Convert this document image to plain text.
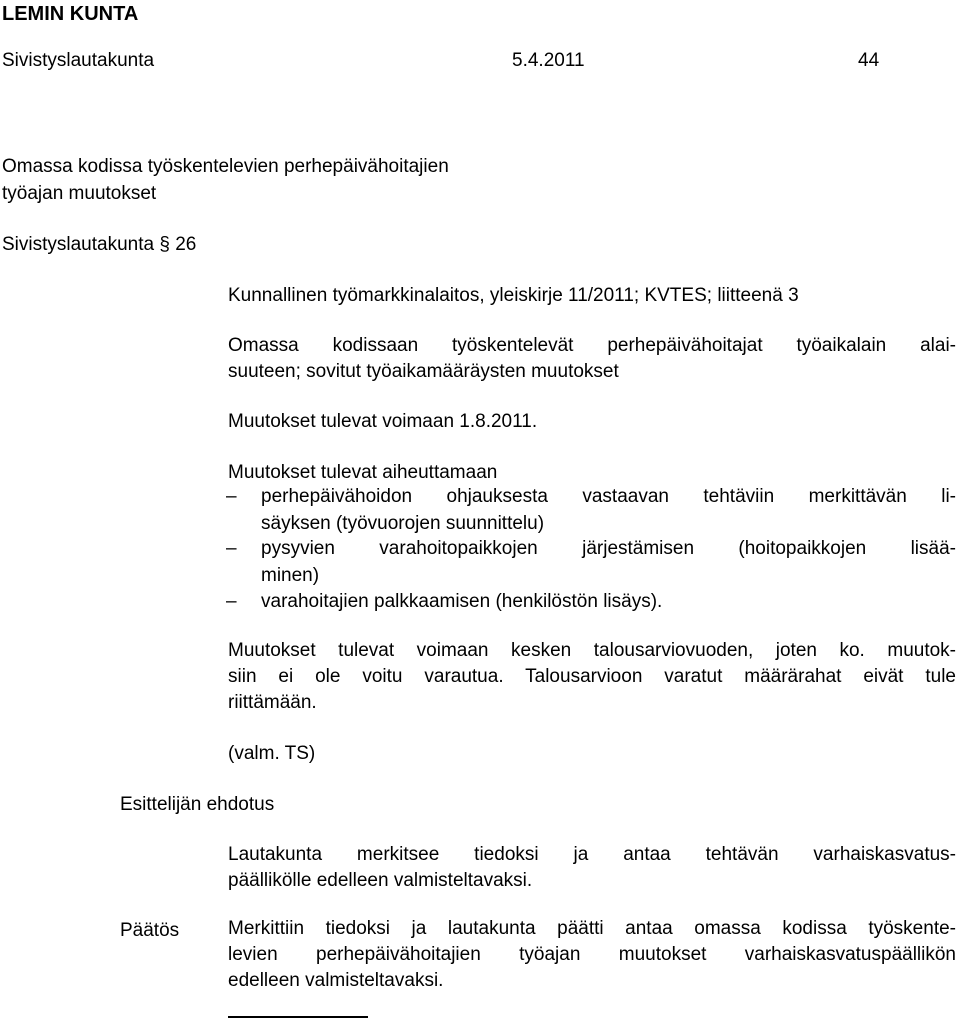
LEMIN KUNTA
Sivistyslautakunta	5.4.2011	44
Omassa kodissa työskentelevien perhepäivähoitajien
työajan muutokset
Sivistyslautakunta § 26
Kunnallinen työmarkkinalaitos, yleiskirje 11/2011; KVTES; liitteenä 3
Omassa kodissaan työskentelevät perhepäivähoitajat työaikalain alai-
suuteen; sovitut työaikamääräysten muutokset
Muutokset tulevat voimaan 1.8.2011.
Muutokset tulevat aiheuttamaan
– perhepäivähoidon ohjauksesta vastaavan tehtäviin merkittävän li-
säyksen (työvuorojen suunnittelu)
– pysyvien varahoitopaikkojen järjestämisen (hoitopaikkojen lisää-
minen)
– varahoitajien palkkaamisen (henkilöstön lisäys).
Muutokset tulevat voimaan kesken talousarviovuoden, joten ko. muutok-
siin ei ole voitu varautua. Talousarvioon varatut määrärahat eivät tule
riittämään.
(valm. TS)
Esittelijän ehdotus
Lautakunta merkitsee tiedoksi ja antaa tehtävän varhaiskasvatus-
päällikölle edelleen valmisteltavaksi.
Päätös	Merkittiin tiedoksi ja lautakunta päätti antaa omassa kodissa työskente-
levien perhepäivähoitajien työajan muutokset varhaiskasvatuspäällikön
edelleen valmisteltavaksi.
